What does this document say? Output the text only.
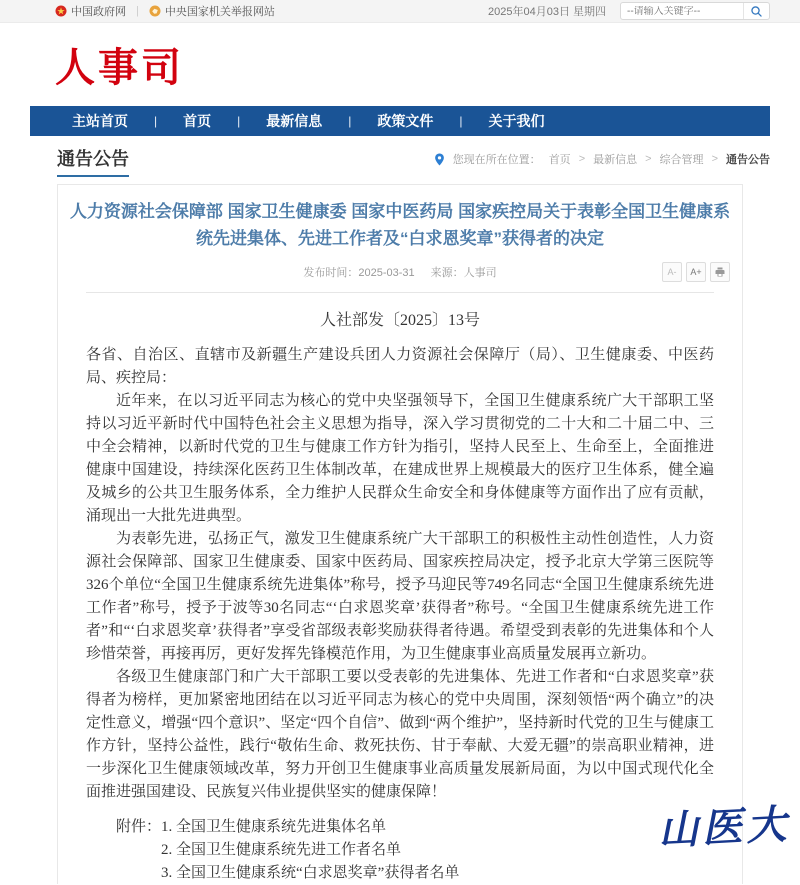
中国政府网 | 中央国家机关举报网站	2025年04月03日 星期四
--请输入关键字--
人事司
主站首页	|	首页	|	最新信息	|	政策文件	|	关于我们
通告公告	您现在所在位置： 首页 > 最新信息 > 综合管理 > 通告公告
人力资源社会保障部 国家卫生健康委 国家中医药局 国家疾控局关于表彰全国卫生健康系统先进集体、先进工作者及“白求恩奖章”获得者的决定
发布时间：2025-03-31 来源：人事司	A-	A+
人社部发〔2025〕13号

各省、自治区、直辖市及新疆生产建设兵团人力资源社会保障厅（局）、卫生健康委、中医药局、疾控局：

近年来，在以习近平同志为核心的党中央坚强领导下，全国卫生健康系统广大干部职工坚持以习近平新时代中国特色社会主义思想为指导，深入学习贯彻党的二十大和二十届二中、三中全会精神，以新时代党的卫生与健康工作方针为指引，坚持人民至上、生命至上，全面推进健康中国建设，持续深化医药卫生体制改革，在建成世界上规模最大的医疗卫生体系，健全遍及城乡的公共卫生服务体系，全力维护人民群众生命安全和身体健康等方面作出了应有贡献，涌现出一大批先进典型。

为表彰先进，弘扬正气，激发卫生健康系统广大干部职工的积极性主动性创造性，人力资源社会保障部、国家卫生健康委、国家中医药局、国家疾控局决定，授予北京大学第三医院等326个单位“全国卫生健康系统先进集体”称号，授予马迎民等749名同志“全国卫生健康系统先进工作者”称号，授予于波等30名同志“‘白求恩奖章’获得者”称号。“全国卫生健康系统先进工作者”和“‘白求恩奖章’获得者”享受省部级表彰奖励获得者待遇。希望受到表彰的先进集体和个人珍惜荣誉，再接再厉，更好发挥先锋模范作用，为卫生健康事业高质量发展再立新功。

各级卫生健康部门和广大干部职工要以受表彰的先进集体、先进工作者和“白求恩奖章”获得者为榜样，更加紧密地团结在以习近平同志为核心的党中央周围，深刻领悟“两个确立”的决定性意义，增强“四个意识”、坚定“四个自信”、做到“两个维护”，坚持新时代党的卫生与健康工作方针，坚持公益性，践行“敬佑生命、救死扶伤、甘于奉献、大爱无疆”的崇高职业精神，进一步深化卫生健康领域改革，努力开创卫生健康事业高质量发展新局面，为以中国式现代化全面推进强国建设、民族复兴伟业提供坚实的健康保障！

附件： 1. 全国卫生健康系统先进集体名单
2. 全国卫生健康系统先进工作者名单
3. 全国卫生健康系统“白求恩奖章”获得者名单
山医大
